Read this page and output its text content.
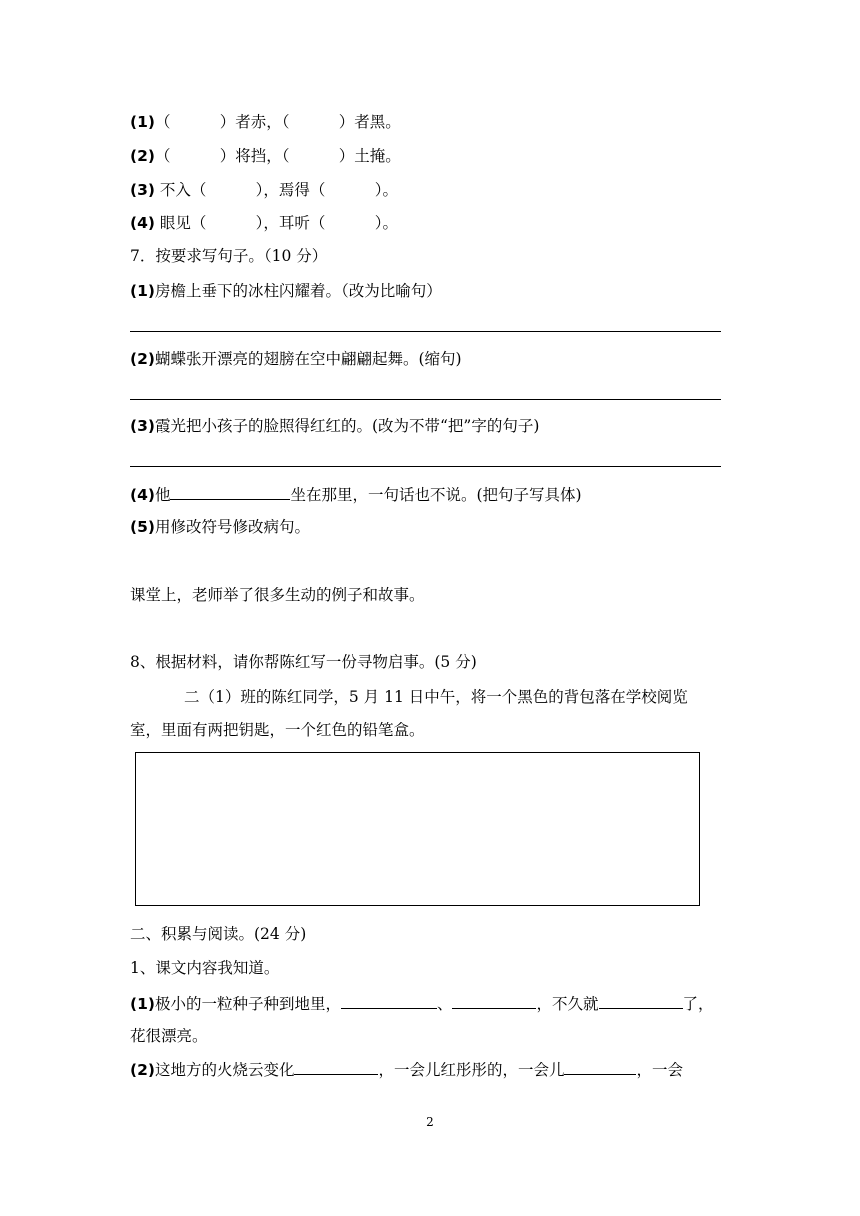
(1)（	）者赤，（	）者黑。
(2)（	）将挡，（	）土掩。
(3) 不入（	），焉得（	）。
(4) 眼见（	），耳听（	）。
7．按要求写句子。（10 分）
(1)房檐上垂下的冰柱闪耀着。（改为比喻句）
(2)蝴蝶张开漂亮的翅膀在空中翩翩起舞。(缩句)
(3)霞光把小孩子的脸照得红红的。(改为不带“把”字的句子)
(4)他	坐在那里，一句话也不说。(把句子写具体)
(5)用修改符号修改病句。
课堂上，老师举了很多生动的例子和故事。
8、根据材料，请你帮陈红写一份寻物启事。(5 分)
二（1）班的陈红同学，5 月 11 日中午，将一个黑色的背包落在学校阅览
室，里面有两把钥匙，一个红色的铅笔盒。
二、积累与阅读。(24 分)
1、课文内容我知道。
(1)极小的一粒种子种到地里，	、	，不久就	了，
花很漂亮。
(2)这地方的火烧云变化	，一会儿红彤彤的，一会儿	，一会
2
